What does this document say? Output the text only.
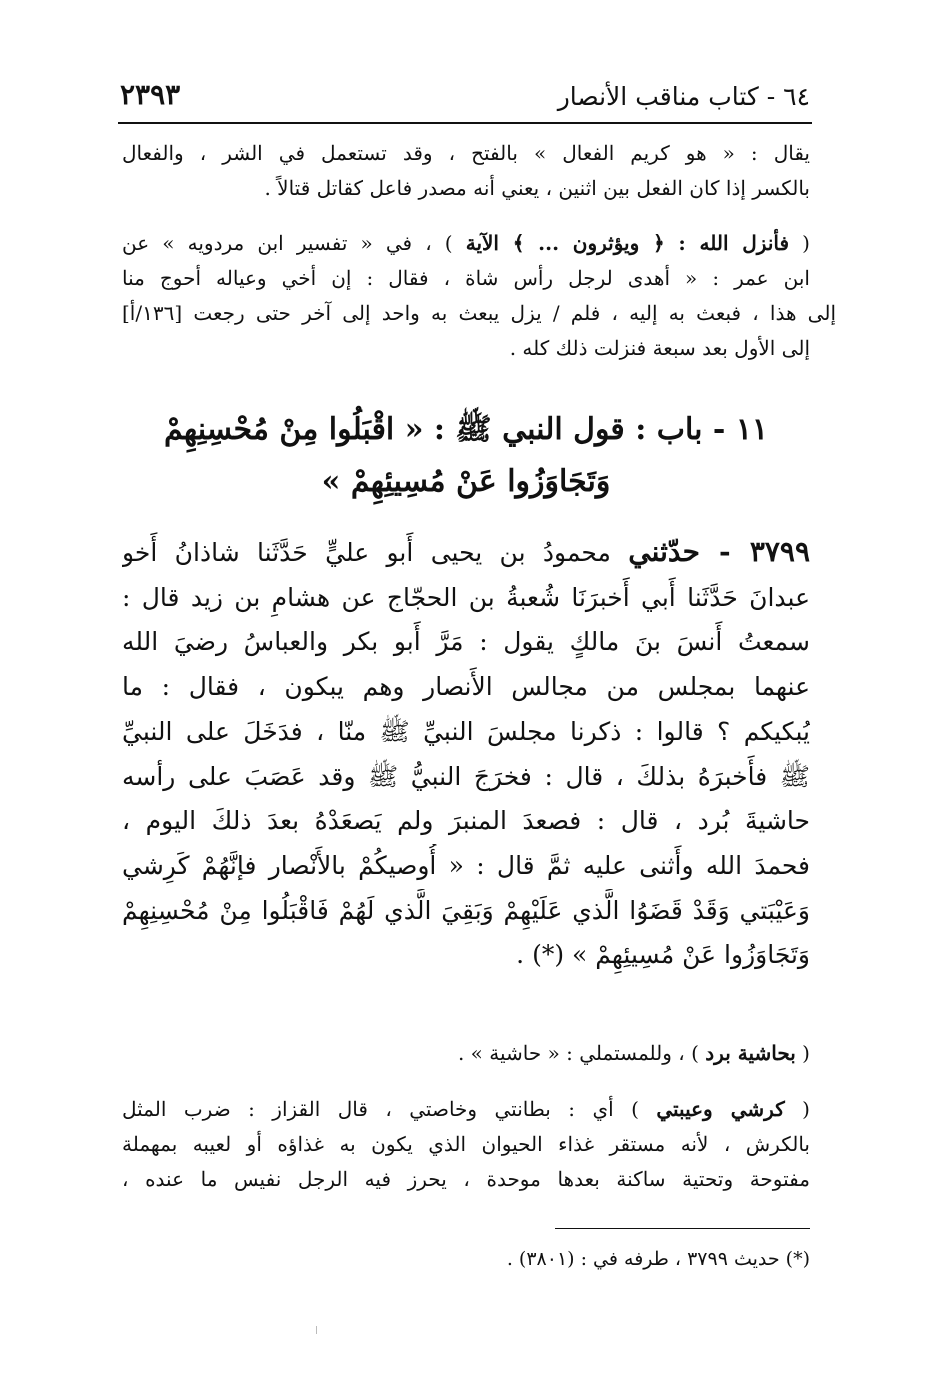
٦٤ - كتاب مناقب الأنصار
٢٣٩٣
يقال : « هو كريم الفعال » بالفتح ، وقد تستعمل في الشر ، والفعال
بالكسر إذا كان الفعل بين اثنين ، يعني أنه مصدر فاعل كقاتل قتالاً .
( فأنزل الله : ﴿ ويؤثرون ... ﴾ الآية ) ، في « تفسير ابن مردويه » عن
ابن عمر : « أهدى لرجل رأس شاة ، فقال : إن أخي وعياله أحوج منا
إلى هذا ، فبعث به إليه ، فلم / يزل يبعث به واحد إلى آخر حتى رجعت [١٣٦/أ]
إلى الأول بعد سبعة فنزلت ذلك كله .
١١ - باب : قول النبي ﷺ : « اقْبَلُوا مِنْ مُحْسِنِهِمْ
وَتَجَاوَزُوا عَنْ مُسِيئِهِمْ »
٣٧٩٩ - حدّثني محمودُ بن يحيى أَبو عليٍّ حَدَّثَنا شاذانُ أَخو
عبدانَ حَدَّثَنا أَبي أَخبرَنَا شُعبةُ بن الحجّاج عن هشامِ بن زيد قال :
سمعتُ أَنسَ بنَ مالكٍ يقول : مَرَّ أَبو بكر والعباسُ رضيَ الله
عنهما بمجلس من مجالس الأَنصار وهم يبكون ، فقال : ما
يُبكيكم ؟ قالوا : ذكرنا مجلسَ النبيِّ ﷺ منّا ، فدَخَلَ على النبيِّ
ﷺ فأَخبرَهُ بذلكَ ، قال : فخرَجَ النبيُّ ﷺ وقد عَصَبَ على رأسه
حاشيةَ بُرد ، قال : فصعدَ المنبرَ ولم يَصعَدْهُ بعدَ ذلكَ اليوم ،
فحمدَ الله وأَثنى عليه ثمَّ قال : « أُوصيكُمْ بالأَنْصار فإنَّهُمْ كَرِشي
وَعَيْبَتي وَقَدْ قَضَوُا الَّذي عَلَيْهِمْ وَبَقِيَ الَّذي لَهُمْ فَاقْبَلُوا مِنْ مُحْسِنِهِمْ
وَتَجَاوَزُوا عَنْ مُسِيئِهِمْ » (*) .
( بحاشية برد ) ، وللمستملي : « حاشية » .
( كرشي وعيبتي ) أي : بطانتي وخاصتي ، قال القزاز : ضرب المثل
بالكرش ، لأنه مستقر غذاء الحيوان الذي يكون به غذاؤه أو لعيبه بمهملة
مفتوحة وتحتية ساكنة بعدها موحدة ، يحرز فيه الرجل نفيس ما عنده ،
(*) حديث ٣٧٩٩ ، طرفه في : (٣٨٠١) .
